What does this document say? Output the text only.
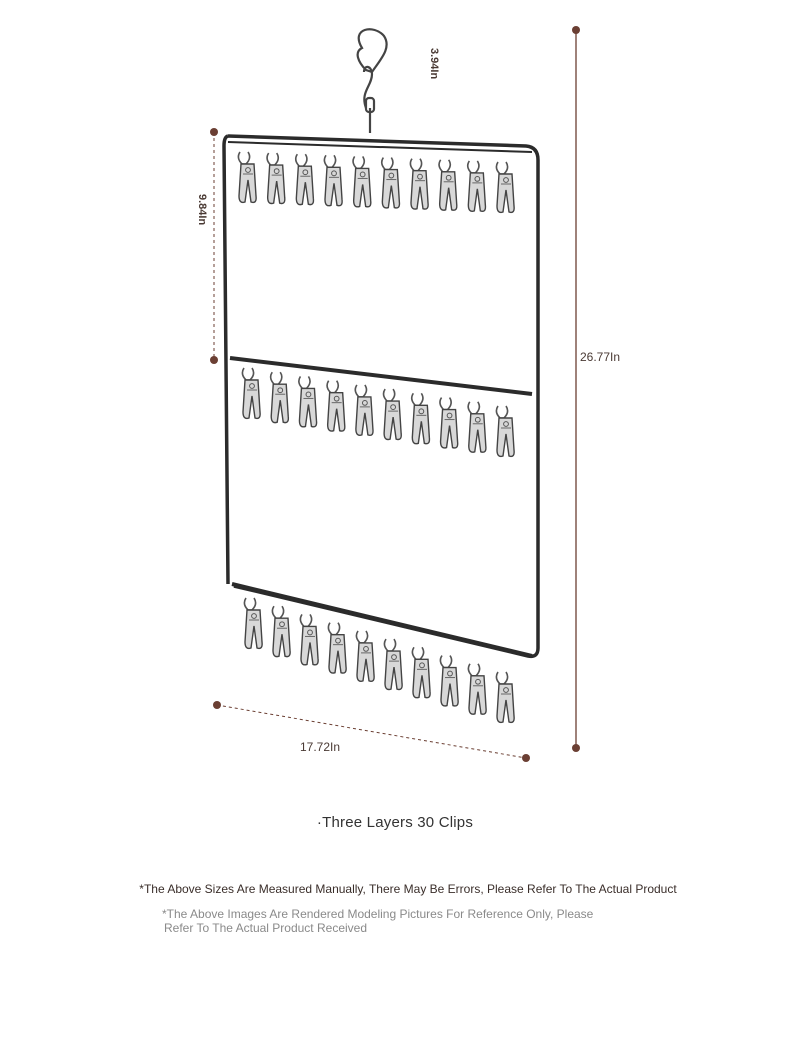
3.94In
9.84In
26.77In
17.72In
·Three Layers 30 Clips
*The Above Sizes Are Measured Manually, There May Be Errors, Please Refer To The Actual Product
*The Above Images Are Rendered Modeling Pictures For Reference Only, Please
Refer To The Actual Product Received
